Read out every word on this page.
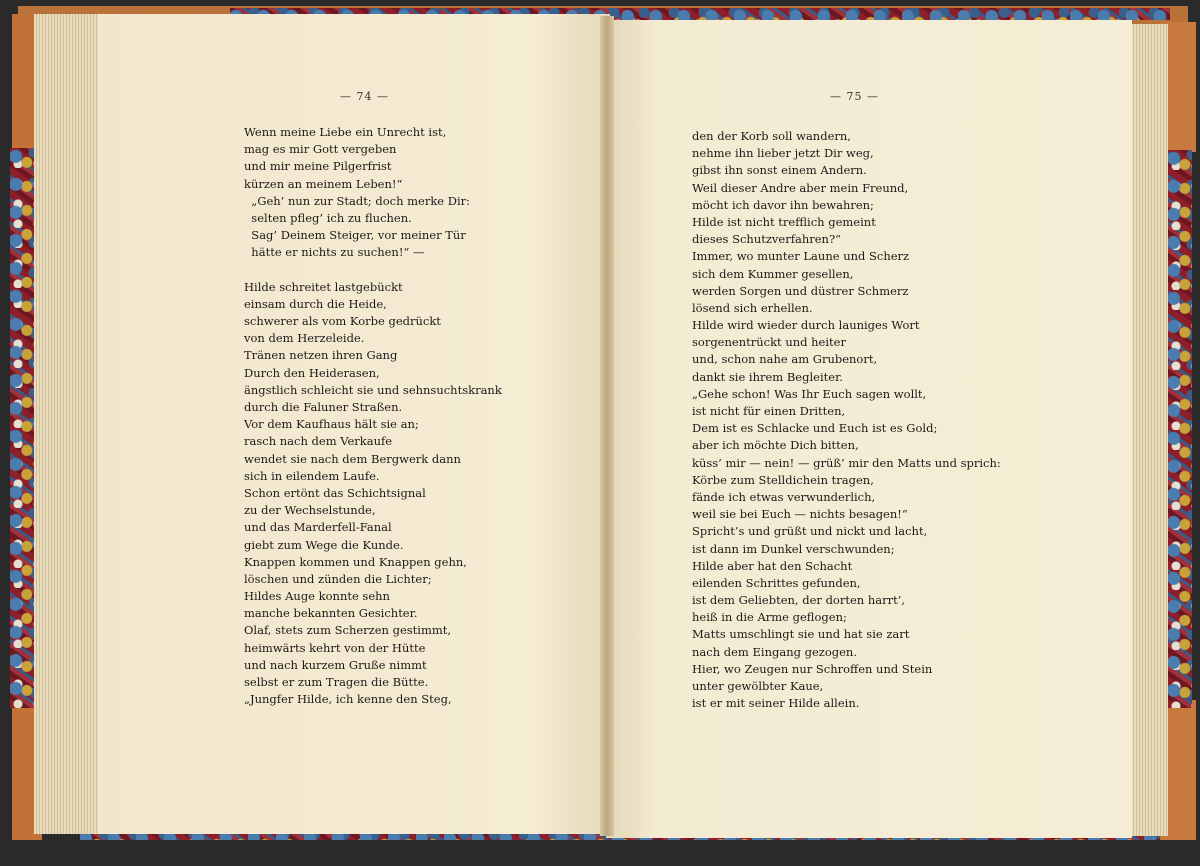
— 74 —	— 75 —
Wenn meine Liebe ein Unrecht ist,
mag es mir Gott vergeben
und mir meine Pilgerfrist
kürzen an meinem Leben!“
„Geh’ nun zur Stadt; doch merke Dir:
selten pfleg’ ich zu fluchen.
Sag’ Deinem Steiger, vor meiner Tür
hätte er nichts zu suchen!“ —
Hilde schreitet lastgebückt
einsam durch die Heide,
schwerer als vom Korbe gedrückt
von dem Herzeleide.
Tränen netzen ihren Gang
Durch den Heiderasen,
ängstlich schleicht sie und sehnsuchtskrank
durch die Faluner Straßen.
Vor dem Kaufhaus hält sie an;
rasch nach dem Verkaufe
wendet sie nach dem Bergwerk dann
sich in eilendem Laufe.
Schon ertönt das Schichtsignal
zu der Wechselstunde,
und das Marderfell-Fanal
giebt zum Wege die Kunde.
Knappen kommen und Knappen gehn,
löschen und zünden die Lichter;
Hildes Auge konnte sehn
manche bekannten Gesichter.
Olaf, stets zum Scherzen gestimmt,
heimwärts kehrt von der Hütte
und nach kurzem Gruße nimmt
selbst er zum Tragen die Bütte.
„Jungfer Hilde, ich kenne den Steg,
den der Korb soll wandern,
nehme ihn lieber jetzt Dir weg,
gibst ihn sonst einem Andern.
Weil dieser Andre aber mein Freund,
möcht ich davor ihn bewahren;
Hilde ist nicht trefflich gemeint
dieses Schutzverfahren?“
Immer, wo munter Laune und Scherz
sich dem Kummer gesellen,
werden Sorgen und düstrer Schmerz
lösend sich erhellen.
Hilde wird wieder durch launiges Wort
sorgenentrückt und heiter
und, schon nahe am Grubenort,
dankt sie ihrem Begleiter.
„Gehe schon! Was Ihr Euch sagen wollt,
ist nicht für einen Dritten,
Dem ist es Schlacke und Euch ist es Gold;
aber ich möchte Dich bitten,
küss’ mir — nein! — grüß’ mir den Matts und sprich:
Körbe zum Stelldichein tragen,
fände ich etwas verwunderlich,
weil sie bei Euch — nichts besagen!“
Spricht’s und grüßt und nickt und lacht,
ist dann im Dunkel verschwunden;
Hilde aber hat den Schacht
eilenden Schrittes gefunden,
ist dem Geliebten, der dorten harrt’,
heiß in die Arme geflogen;
Matts umschlingt sie und hat sie zart
nach dem Eingang gezogen.
Hier, wo Zeugen nur Schroffen und Stein
unter gewölbter Kaue,
ist er mit seiner Hilde allein.
